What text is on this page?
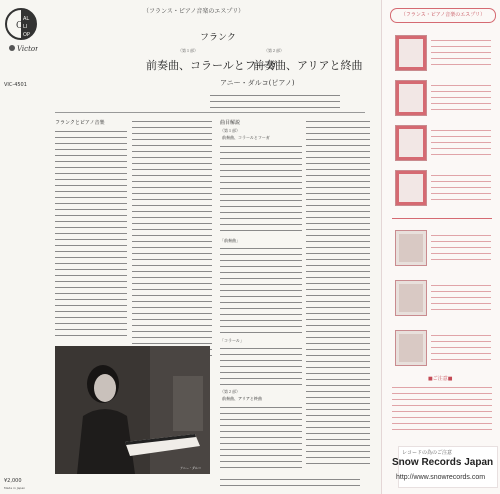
C
AL
LI
OP
Victor
VIC-4501
（フランス・ピアノ音楽のエスプリ）
フランク
（第１部）
前奏曲、コラールとフーガ
（第２部）
前奏曲、アリアと終曲
アニー・ダルコ(ピアノ)
フランクとピアノ音楽	曲目解説
（第１部）
前奏曲、コラールとフーガ
「前奏曲」
「コラール」
（第２部）
前奏曲、アリアと終曲
アニー・ダルコ
¥2,000
Made in Japan
（フランス・ピアノ音楽のエスプリ）
■ご注意■
レコードの為のご注意
Snow Records Japan
http://www.snowrecords.com
